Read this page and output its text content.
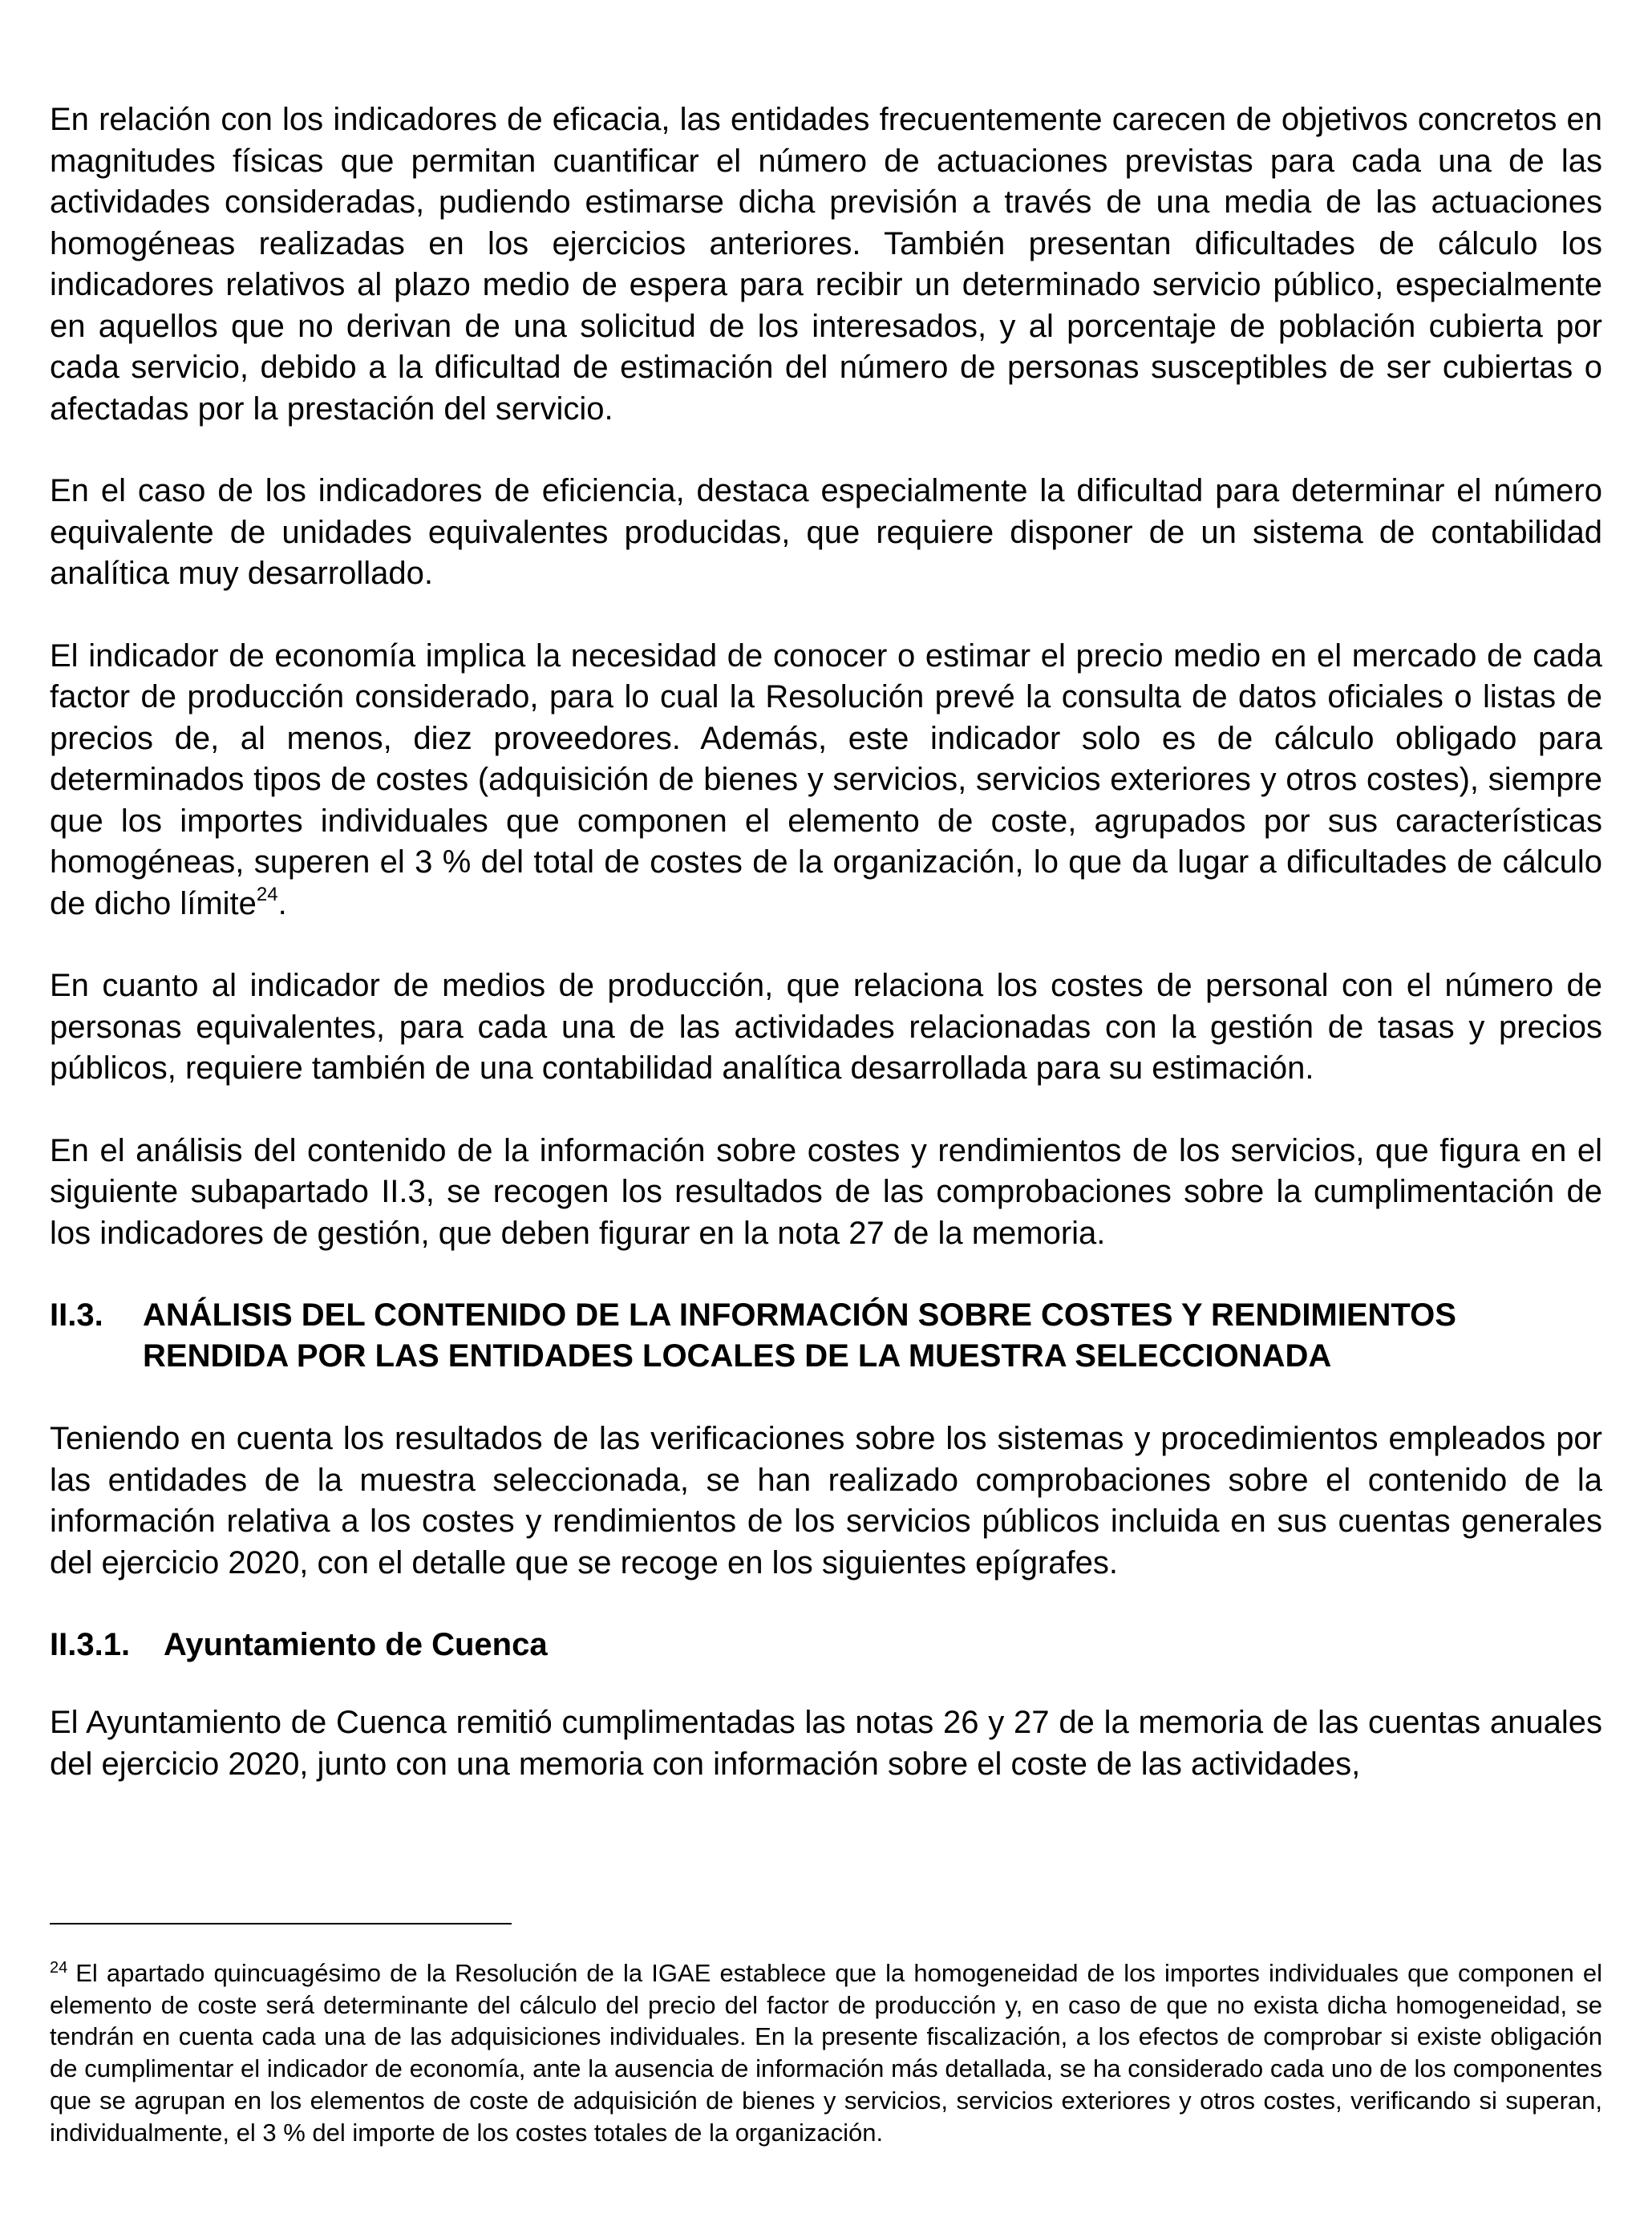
En relación con los indicadores de eficacia, las entidades frecuentemente carecen de objetivos concretos en magnitudes físicas que permitan cuantificar el número de actuaciones previstas para cada una de las actividades consideradas, pudiendo estimarse dicha previsión a través de una media de las actuaciones homogéneas realizadas en los ejercicios anteriores. También presentan dificultades de cálculo los indicadores relativos al plazo medio de espera para recibir un determinado servicio público, especialmente en aquellos que no derivan de una solicitud de los interesados, y al porcentaje de población cubierta por cada servicio, debido a la dificultad de estimación del número de personas susceptibles de ser cubiertas o afectadas por la prestación del servicio.

En el caso de los indicadores de eficiencia, destaca especialmente la dificultad para determinar el número equivalente de unidades equivalentes producidas, que requiere disponer de un sistema de contabilidad analítica muy desarrollado.

El indicador de economía implica la necesidad de conocer o estimar el precio medio en el mercado de cada factor de producción considerado, para lo cual la Resolución prevé la consulta de datos oficiales o listas de precios de, al menos, diez proveedores. Además, este indicador solo es de cálculo obligado para determinados tipos de costes (adquisición de bienes y servicios, servicios exteriores y otros costes), siempre que los importes individuales que componen el elemento de coste, agrupados por sus características homogéneas, superen el 3 % del total de costes de la organización, lo que da lugar a dificultades de cálculo de dicho límite$^{24}$.

En cuanto al indicador de medios de producción, que relaciona los costes de personal con el número de personas equivalentes, para cada una de las actividades relacionadas con la gestión de tasas y precios públicos, requiere también de una contabilidad analítica desarrollada para su estimación.

En el análisis del contenido de la información sobre costes y rendimientos de los servicios, que figura en el siguiente subapartado II.3, se recogen los resultados de las comprobaciones sobre la cumplimentación de los indicadores de gestión, que deben figurar en la nota 27 de la memoria.

II.3.	ANÁLISIS DEL CONTENIDO DE LA INFORMACIÓN SOBRE COSTES Y RENDIMIENTOS RENDIDA POR LAS ENTIDADES LOCALES DE LA MUESTRA SELECCIONADA

Teniendo en cuenta los resultados de las verificaciones sobre los sistemas y procedimientos empleados por las entidades de la muestra seleccionada, se han realizado comprobaciones sobre el contenido de la información relativa a los costes y rendimientos de los servicios públicos incluida en sus cuentas generales del ejercicio 2020, con el detalle que se recoge en los siguientes epígrafes.

II.3.1.	Ayuntamiento de Cuenca

El Ayuntamiento de Cuenca remitió cumplimentadas las notas 26 y 27 de la memoria de las cuentas anuales del ejercicio 2020, junto con una memoria con información sobre el coste de las actividades,

$^{24}$ El apartado quincuagésimo de la Resolución de la IGAE establece que la homogeneidad de los importes individuales que componen el elemento de coste será determinante del cálculo del precio del factor de producción y, en caso de que no exista dicha homogeneidad, se tendrán en cuenta cada una de las adquisiciones individuales. En la presente fiscalización, a los efectos de comprobar si existe obligación de cumplimentar el indicador de economía, ante la ausencia de información más detallada, se ha considerado cada uno de los componentes que se agrupan en los elementos de coste de adquisición de bienes y servicios, servicios exteriores y otros costes, verificando si superan, individualmente, el 3 % del importe de los costes totales de la organización.
